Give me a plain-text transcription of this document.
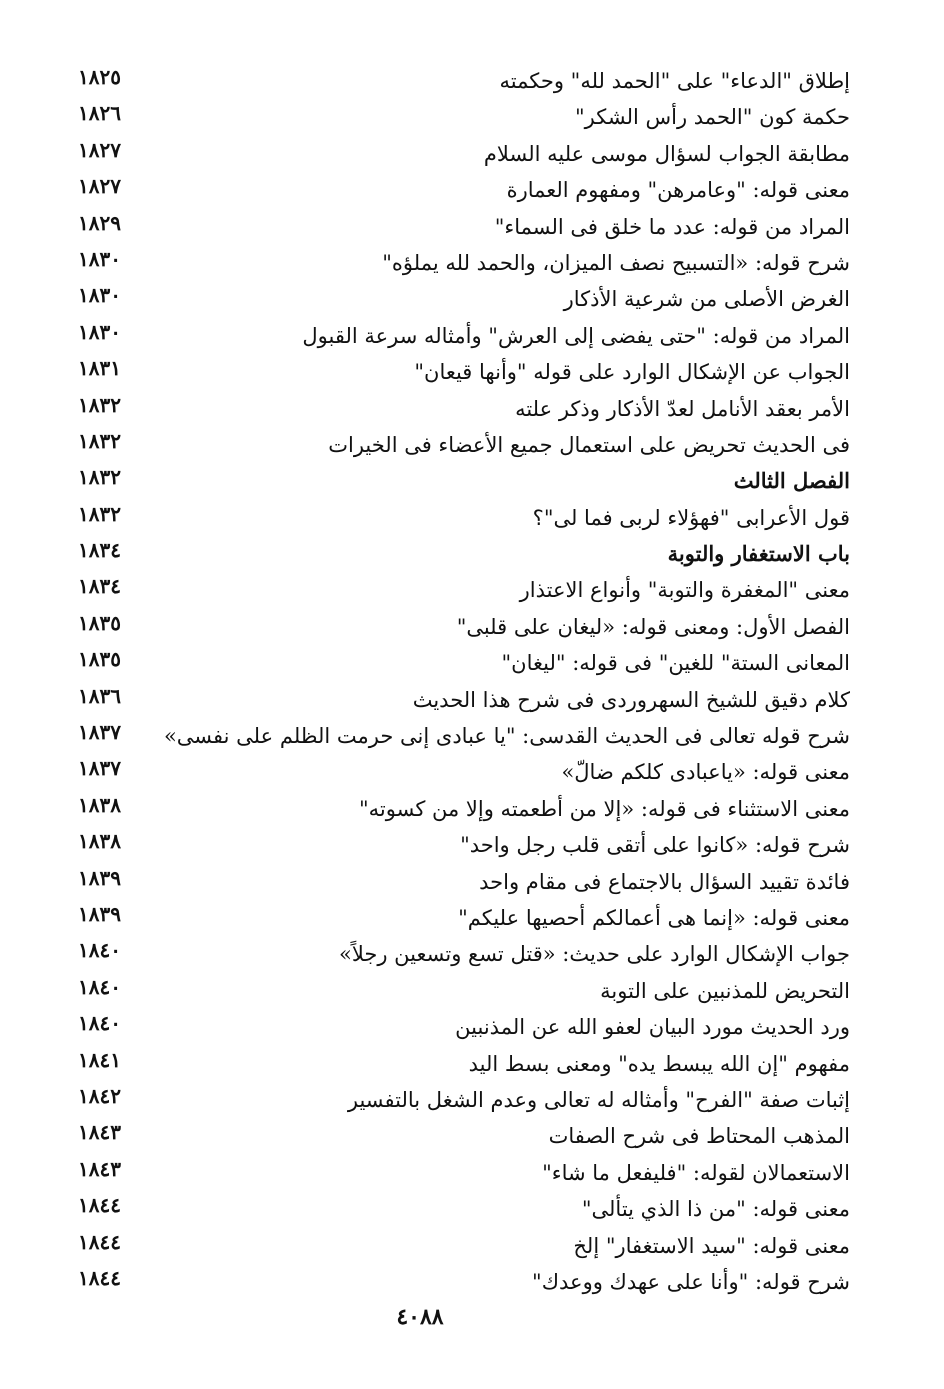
إطلاق "الدعاء" على "الحمد لله" وحكمته
١٨٢٥
حكمة كون "الحمد رأس الشكر"
١٨٢٦
مطابقة الجواب لسؤال موسى عليه السلام
١٨٢٧
معنى قوله: "وعامرهن" ومفهوم العمارة
١٨٢٧
المراد من قوله: عدد ما خلق فى السماء"
١٨٢٩
شرح قوله: «التسبيح نصف الميزان، والحمد لله يملؤه"
١٨٣٠
الغرض الأصلى من شرعية الأذكار
١٨٣٠
المراد من قوله: "حتى يفضى إلى العرش" وأمثاله سرعة القبول
١٨٣٠
الجواب عن الإشكال الوارد على قوله "وأنها قيعان"
١٨٣١
الأمر بعقد الأنامل لعدّ الأذكار وذكر علته
١٨٣٢
فى الحديث تحريض على استعمال جميع الأعضاء فى الخيرات
١٨٣٢
الفصل الثالث
١٨٣٢
قول الأعرابى "فهؤلاء لربى فما لى"؟
١٨٣٢
باب الاستغفار والتوبة
١٨٣٤
معنى "المغفرة والتوبة" وأنواع الاعتذار
١٨٣٤
الفصل الأول: ومعنى قوله: «ليغان على قلبى"
١٨٣٥
المعانى الستة" للغين" فى قوله: "ليغان"
١٨٣٥
كلام دقيق للشيخ السهروردى فى شرح هذا الحديث
١٨٣٦
شرح قوله تعالى فى الحديث القدسى: "يا عبادى إنى حرمت الظلم على نفسى»
١٨٣٧
معنى قوله: «ياعبادى كلكم ضالّ»
١٨٣٧
معنى الاستثناء فى قوله: «إلا من أطعمته وإلا من كسوته"
١٨٣٨
شرح قوله: «كانوا على أتقى قلب رجل واحد"
١٨٣٨
فائدة تقييد السؤال بالاجتماع فى مقام واحد
١٨٣٩
معنى قوله: «إنما هى أعمالكم أحصيها عليكم"
١٨٣٩
جواب الإشكال الوارد على حديث: «قتل تسع وتسعين رجلاً»
١٨٤٠
التحريض للمذنبين على التوبة
١٨٤٠
ورد الحديث مورد البيان لعفو الله عن المذنبين
١٨٤٠
مفهوم "إن الله يبسط يده" ومعنى بسط اليد
١٨٤١
إثبات صفة "الفرح" وأمثاله له تعالى وعدم الشغل بالتفسير
١٨٤٢
المذهب المحتاط فى شرح الصفات
١٨٤٣
الاستعمالان لقوله: "فليفعل ما شاء"
١٨٤٣
معنى قوله: "من ذا الذي يتألى"
١٨٤٤
معنى قوله: "سيد الاستغفار" إلخ
١٨٤٤
شرح قوله: "وأنا على عهدك ووعدك"
١٨٤٤
٤٠٨٨
